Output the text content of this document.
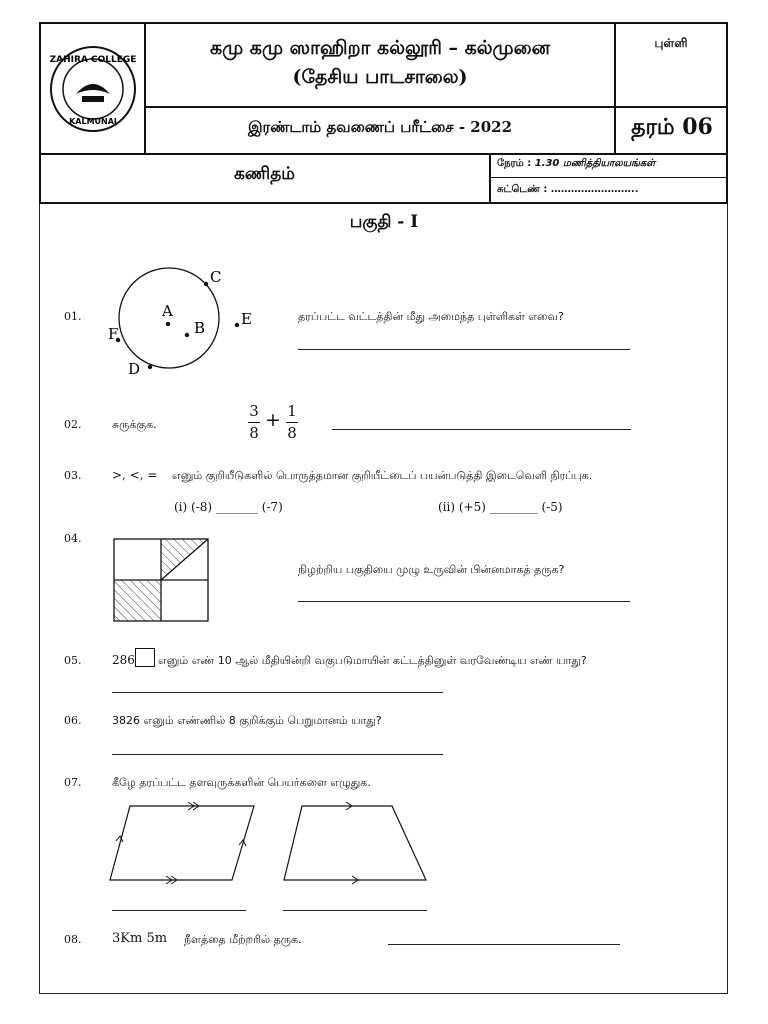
ZAHIRA COLLEGE
KALMUNAI
கமு கமு ஸாஹிறா கல்லூரி – கல்முனை
(தேசிய பாடசாலை)
புள்ளி
இரண்டாம் தவணைப் பரீட்சை - 2022	தரம் 06
கணிதம்
நேரம் : 1.30 மணித்தியாலயங்கள்
சுட்டெண் : ……………………..
பகுதி - I
01.	A
B
C
D
E
F
தரப்பட்ட வட்டத்தின் மீது அமைந்த புள்ளிகள் எவை?
02.	சுருக்குக.
3
8
+ 1
8
03.	>, <, = எனும் குறியீடுகளில் பொருத்தமான குறியீட்டைப் பயன்படுத்தி இடைவெளி நிரப்புக.
(i) (-8) _______ (-7)	(ii) (+5) ________ (-5)
04.
நிழற்றிய பகுதியை முழு உருவின் பின்னமாகத் தருக?
05.	286 எனும் எண் 10 ஆல் மீதியின்றி வகுபடுமாயின் கட்டத்தினுள் வரவேண்டிய எண் யாது?
06.	3826 எனும் எண்ணில் 8 குறிக்கும் பெறுமானம் யாது?
07.	கீழே தரப்பட்ட தளவுருக்களின் பெயர்களை எழுதுக.
08. 3Km 5m நீளத்தை மீற்றரில் தருக.
